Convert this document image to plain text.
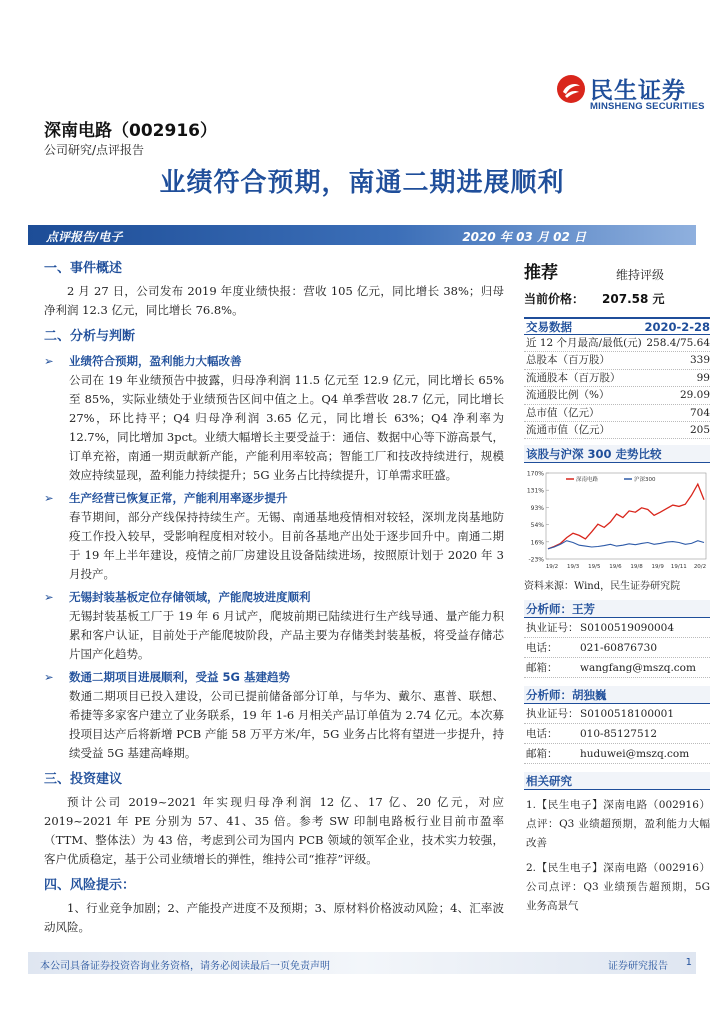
民生证券
MINSHENG SECURITIES
深南电路（002916）
公司研究/点评报告
业绩符合预期，南通二期进展顺利
点评报告/电子	2020 年 03 月 02 日
一、事件概述
2 月 27 日，公司发布 2019 年度业绩快报：营收 105 亿元，同比增长 38%；归母净利润 12.3 亿元，同比增长 76.8%。
二、分析与判断
➢ 业绩符合预期，盈利能力大幅改善
公司在 19 年业绩预告中披露，归母净利润 11.5 亿元至 12.9 亿元，同比增长 65% 至 85%，实际业绩处于业绩预告区间中值之上。Q4 单季营收 28.7 亿元，同比增长 27%，环比持平；Q4 归母净利润 3.65 亿元，同比增长 63%；Q4 净利率为 12.7%，同比增加 3pct。业绩大幅增长主要受益于：通信、数据中心等下游高景气，订单充裕，南通一期贡献新产能，产能利用率较高；智能工厂和技改持续进行，规模效应持续显现，盈利能力持续提升；5G 业务占比持续提升，订单需求旺盛。
➢ 生产经营已恢复正常，产能利用率逐步提升
春节期间，部分产线保持持续生产。无锡、南通基地疫情相对较轻，深圳龙岗基地防疫工作投入较早，受影响程度相对较小。目前各基地产出处于逐步回升中。南通二期于 19 年上半年建设，疫情之前厂房建设且设备陆续进场，按照原计划于 2020 年 3 月投产。
➢ 无锡封装基板定位存储领域，产能爬坡进度顺利
无锡封装基板工厂于 19 年 6 月试产，爬坡前期已陆续进行生产线导通、量产能力积累和客户认证，目前处于产能爬坡阶段，产品主要为存储类封装基板，将受益存储芯片国产化趋势。
➢ 数通二期项目进展顺利，受益 5G 基建趋势
数通二期项目已投入建设，公司已提前储备部分订单，与华为、戴尔、惠普、联想、希捷等多家客户建立了业务联系，19 年 1-6 月相关产品订单值为 2.74 亿元。本次募投项目达产后将新增 PCB 产能 58 万平方米/年，5G 业务占比将有望进一步提升，持续受益 5G 基建高峰期。
三、投资建议
预计公司 2019~2021 年实现归母净利润 12 亿、17 亿、20 亿元，对应 2019~2021 年 PE 分别为 57、41、35 倍。参考 SW 印制电路板行业目前市盈率（TTM、整体法）为 43 倍，考虑到公司为国内 PCB 领域的领军企业，技术实力较强，客户优质稳定，基于公司业绩增长的弹性，维持公司“推荐”评级。
四、风险提示：
1、行业竞争加剧；2、产能投产进度不及预期；3、原材料价格波动风险；4、汇率波动风险。
推荐	维持评级
当前价格： 207.58 元
交易数据	2020-2-28
近 12 个月最高/最低(元) 258.4/75.64
总股本（百万股）	339
流通股本（百万股）	99
流通股比例（%）	29.09
总市值（亿元）	704
流通市值（亿元）	205
该股与沪深 300 走势比较
170%
131%
93%
54%
16%
-23%
19/2 19/3 19/5 19/6 19/8 19/9 19/11 20/2
深南电路	沪深300
资料来源：Wind，民生证券研究院
分析师：王芳
执业证号： S0100519090004
电话： 021-60876730
邮箱： wangfang@mszq.com
分析师：胡独巍
执业证号： S0100518100001
电话： 010-85127512
邮箱： huduwei@mszq.com
相关研究
1.【民生电子】深南电路（002916）点评：Q3 业绩超预期，盈利能力大幅改善
2.【民生电子】深南电路（002916）公司点评：Q3 业绩预告超预期，5G 业务高景气
本公司具备证券投资咨询业务资格，请务必阅读最后一页免责声明	证券研究报告 1
